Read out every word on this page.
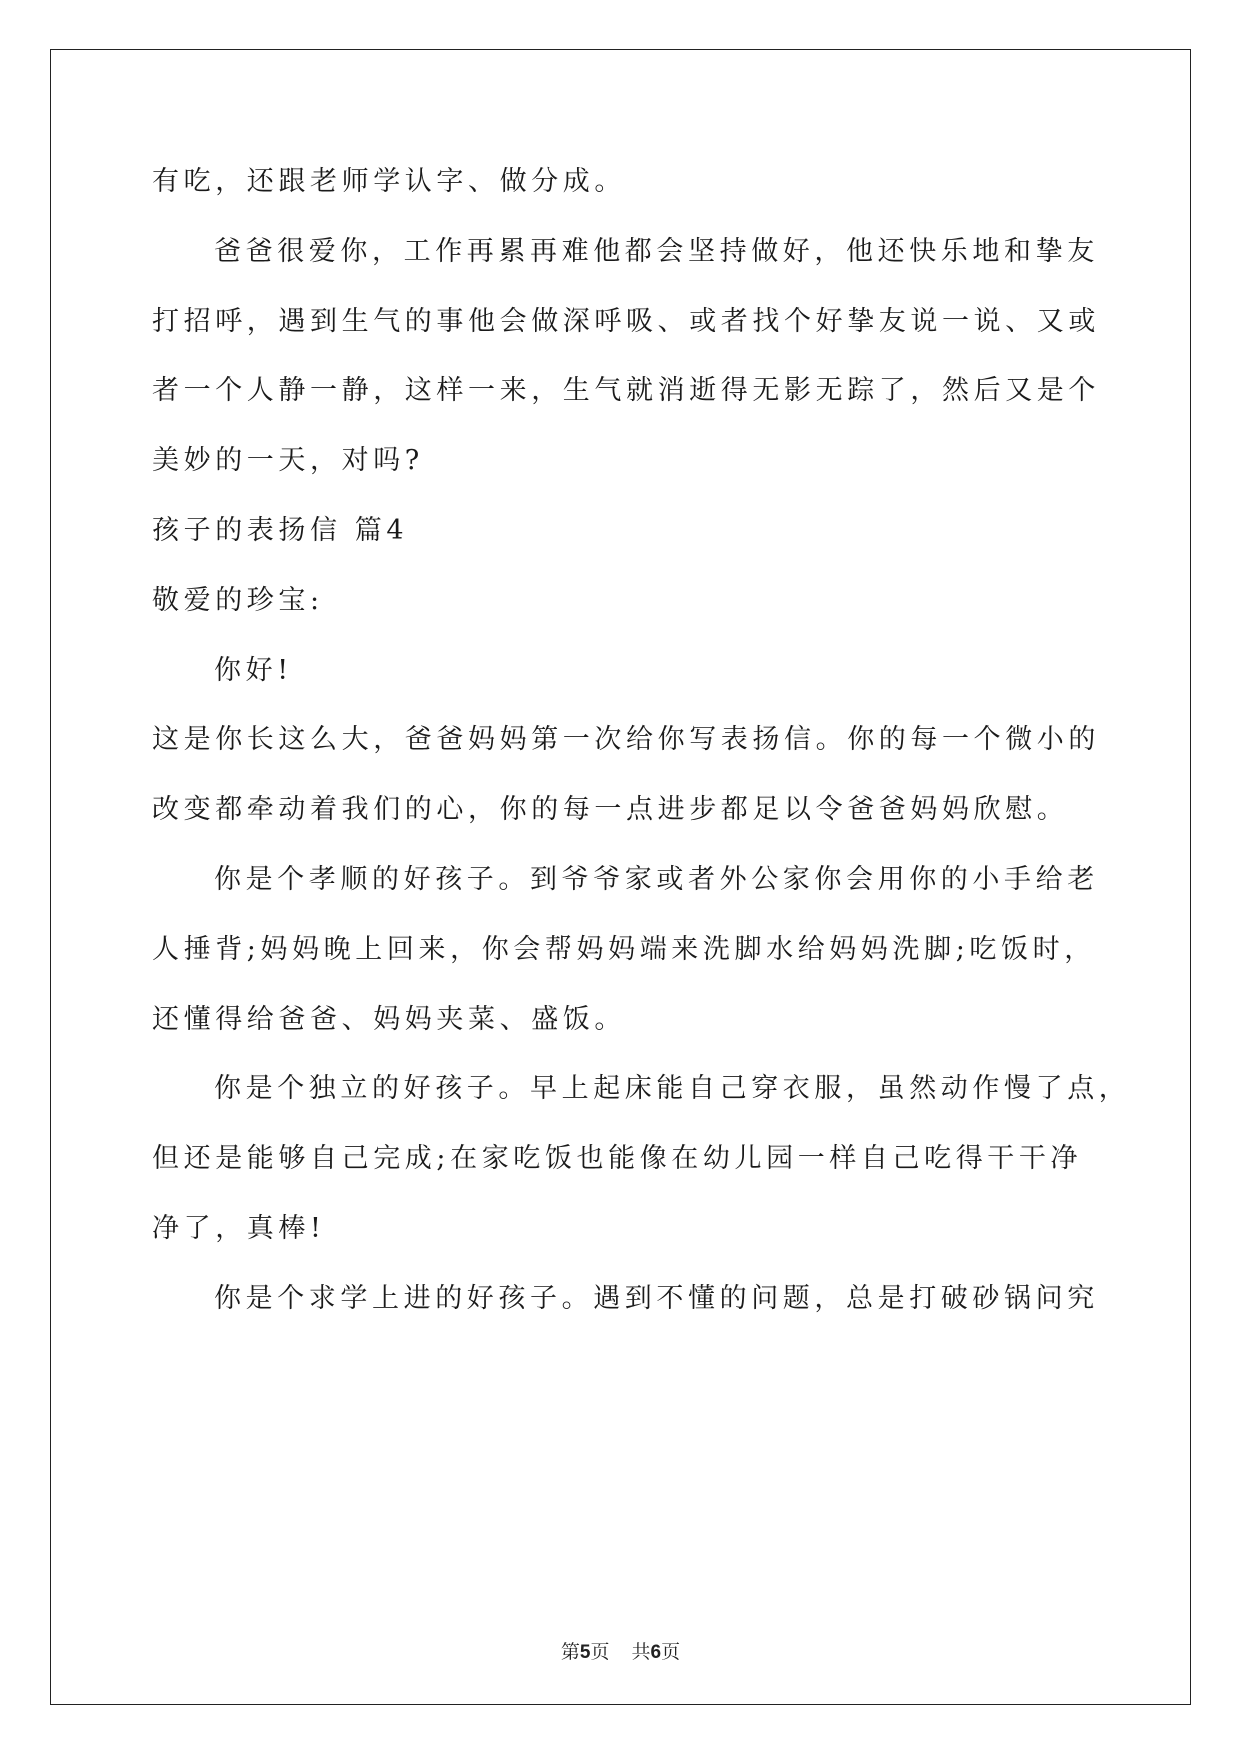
有吃，还跟老师学认字、做分成。
爸爸很爱你，工作再累再难他都会坚持做好，他还快乐地和挚友
打招呼，遇到生气的事他会做深呼吸、或者找个好挚友说一说、又或
者一个人静一静，这样一来，生气就消逝得无影无踪了，然后又是个
美妙的一天，对吗?
孩子的表扬信 篇4
敬爱的珍宝:
你好!
这是你长这么大，爸爸妈妈第一次给你写表扬信。你的每一个微小的
改变都牵动着我们的心，你的每一点进步都足以令爸爸妈妈欣慰。
你是个孝顺的好孩子。到爷爷家或者外公家你会用你的小手给老
人捶背;妈妈晚上回来，你会帮妈妈端来洗脚水给妈妈洗脚;吃饭时，
还懂得给爸爸、妈妈夹菜、盛饭。
你是个独立的好孩子。早上起床能自己穿衣服，虽然动作慢了点，
但还是能够自己完成;在家吃饭也能像在幼儿园一样自己吃得干干净
净了，真棒!
你是个求学上进的好孩子。遇到不懂的问题，总是打破砂锅问究
第5页 共6页
